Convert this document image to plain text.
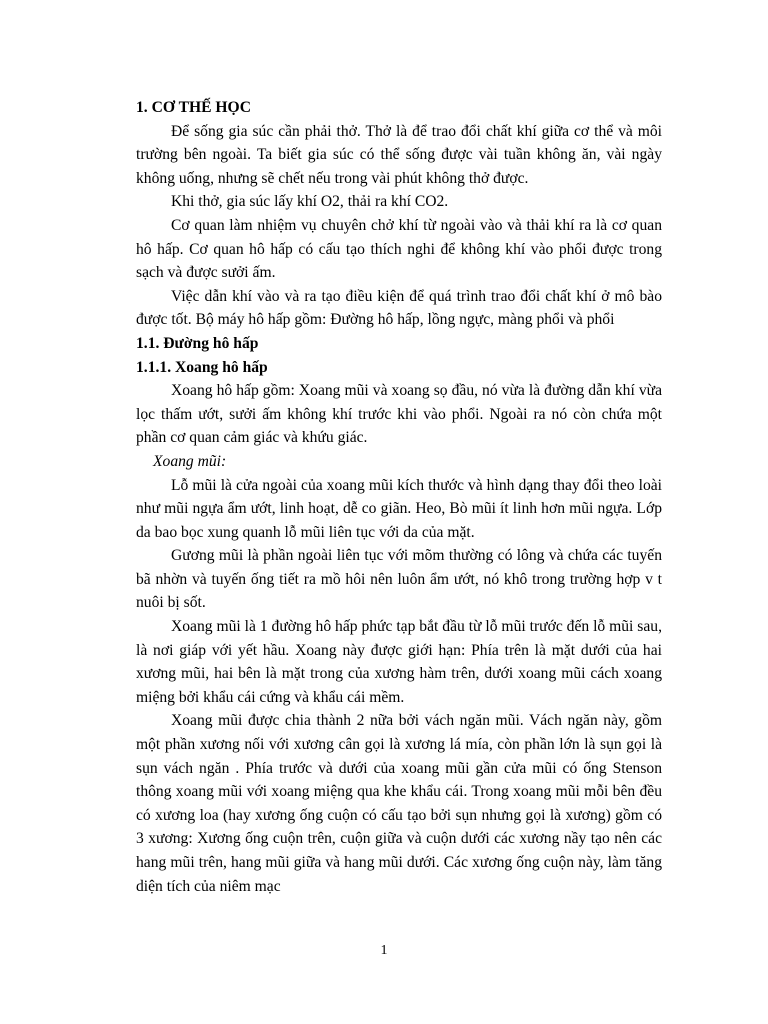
1. CƠ THẾ HỌC

Để sống gia súc cần phải thở. Thở là để trao đổi chất khí giữa cơ thể và môi trường bên ngoài. Ta biết gia súc có thể sống được vài tuần không ăn, vài ngày không uống, nhưng sẽ chết nếu trong vài phút không thở được.

Khi thở, gia súc lấy khí O2, thải ra khí CO2.

Cơ quan làm nhiệm vụ chuyên chở khí từ ngoài vào và thải khí ra là cơ quan hô hấp. Cơ quan hô hấp có cấu tạo thích nghi để không khí vào phổi được trong sạch và được sưởi ấm.

Việc dẫn khí vào và ra tạo điều kiện để quá trình trao đổi chất khí ở mô bào được tốt. Bộ máy hô hấp gồm: Đường hô hấp, lồng ngực, màng phổi và phổi

1.1. Đường hô hấp

1.1.1. Xoang hô hấp

Xoang hô hấp gồm: Xoang mũi và xoang sọ đầu, nó vừa là đường dẫn khí vừa lọc thấm ướt, sưởi ấm không khí trước khi vào phổi. Ngoài ra nó còn chứa một phần cơ quan cảm giác và khứu giác.

Xoang mũi:

Lỗ mũi là cửa ngoài của xoang mũi kích thước và hình dạng thay đổi theo loài như mũi ngựa ẩm ướt, linh hoạt, dễ co giãn. Heo, Bò mũi ít linh hơn mũi ngựa. Lớp da bao bọc xung quanh lỗ mũi liên tục với da của mặt.

Gương mũi là phần ngoài liên tục với mõm thường có lông và chứa các tuyến bã nhờn và tuyến ống tiết ra mồ hôi nên luôn ẩm ướt, nó khô trong trường hợp v t nuôi bị sốt.

Xoang mũi là 1 đường hô hấp phức tạp bắt đầu từ lỗ mũi trước đến lỗ mũi sau, là nơi giáp với yết hầu. Xoang này được giới hạn: Phía trên là mặt dưới của hai xương mũi, hai bên là mặt trong của xương hàm trên, dưới xoang mũi cách xoang miệng bởi khẩu cái cứng và khẩu cái mềm.

Xoang mũi được chia thành 2 nữa bởi vách ngăn mũi. Vách ngăn này, gồm một phần xương nối với xương cân gọi là xương lá mía, còn phần lớn là sụn gọi là sụn vách ngăn . Phía trước và dưới của xoang mũi gần cửa mũi có ống Stenson thông xoang mũi với xoang miệng qua khe khẩu cái. Trong xoang mũi mỗi bên đều có xương loa (hay xương ống cuộn có cấu tạo bởi sụn nhưng gọi là xương) gồm có 3 xương: Xương ống cuộn trên, cuộn giữa và cuộn dưới các xương nầy tạo nên các hang mũi trên, hang mũi giữa và hang mũi dưới. Các xương ống cuộn này, làm tăng diện tích của niêm mạc

1
